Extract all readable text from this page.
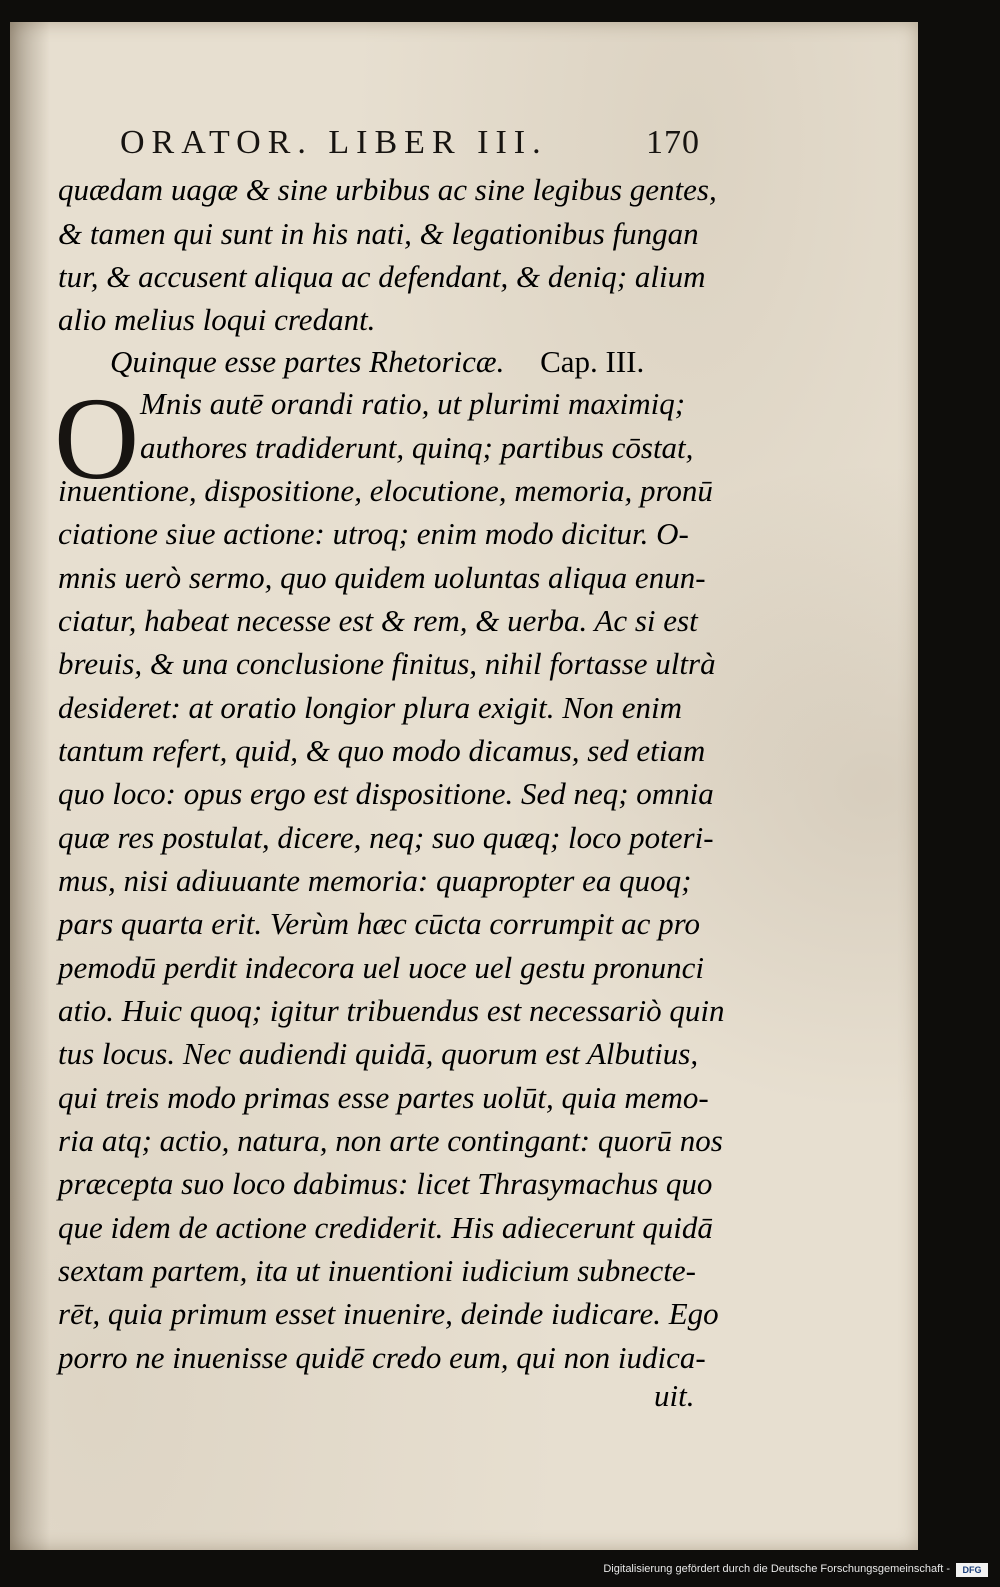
ORATOR. LIBER III.	170
quædam uagæ & sine urbibus ac sine legibus gentes,
& tamen qui sunt in his nati, & legationibus fungan
tur, & accusent aliqua ac defendant, & deniq; alium
alio melius loqui credant.
Quinque esse partes Rhetoricæ. Cap. III.
O Mnis autē orandi ratio, ut plurimi maximiq;
authores tradiderunt, quinq; partibus cōstat,
inuentione, dispositione, elocutione, memoria, pronū
ciatione siue actione: utroq; enim modo dicitur. O-
mnis uerò sermo, quo quidem uoluntas aliqua enun-
ciatur, habeat necesse est & rem, & uerba. Ac si est
breuis, & una conclusione finitus, nihil fortasse ultrà
desideret: at oratio longior plura exigit. Non enim
tantum refert, quid, & quo modo dicamus, sed etiam
quo loco: opus ergo est dispositione. Sed neq; omnia
quæ res postulat, dicere, neq; suo quæq; loco poteri-
mus, nisi adiuuante memoria: quapropter ea quoq;
pars quarta erit. Verùm hæc cūcta corrumpit ac pro
pemodū perdit indecora uel uoce uel gestu pronunci
atio. Huic quoq; igitur tribuendus est necessariò quin
tus locus. Nec audiendi quidā, quorum est Albutius,
qui treis modo primas esse partes uolūt, quia memo-
ria atq; actio, natura, non arte contingant: quorū nos
præcepta suo loco dabimus: licet Thrasymachus quo
que idem de actione crediderit. His adiecerunt quidā
sextam partem, ita ut inuentioni iudicium subnecte-
rēt, quia primum esset inuenire, deinde iudicare. Ego
porro ne inuenisse quidē credo eum, qui non iudica-
uit.
Digitalisierung gefördert durch die Deutsche Forschungsgemeinschaft -	DFG
